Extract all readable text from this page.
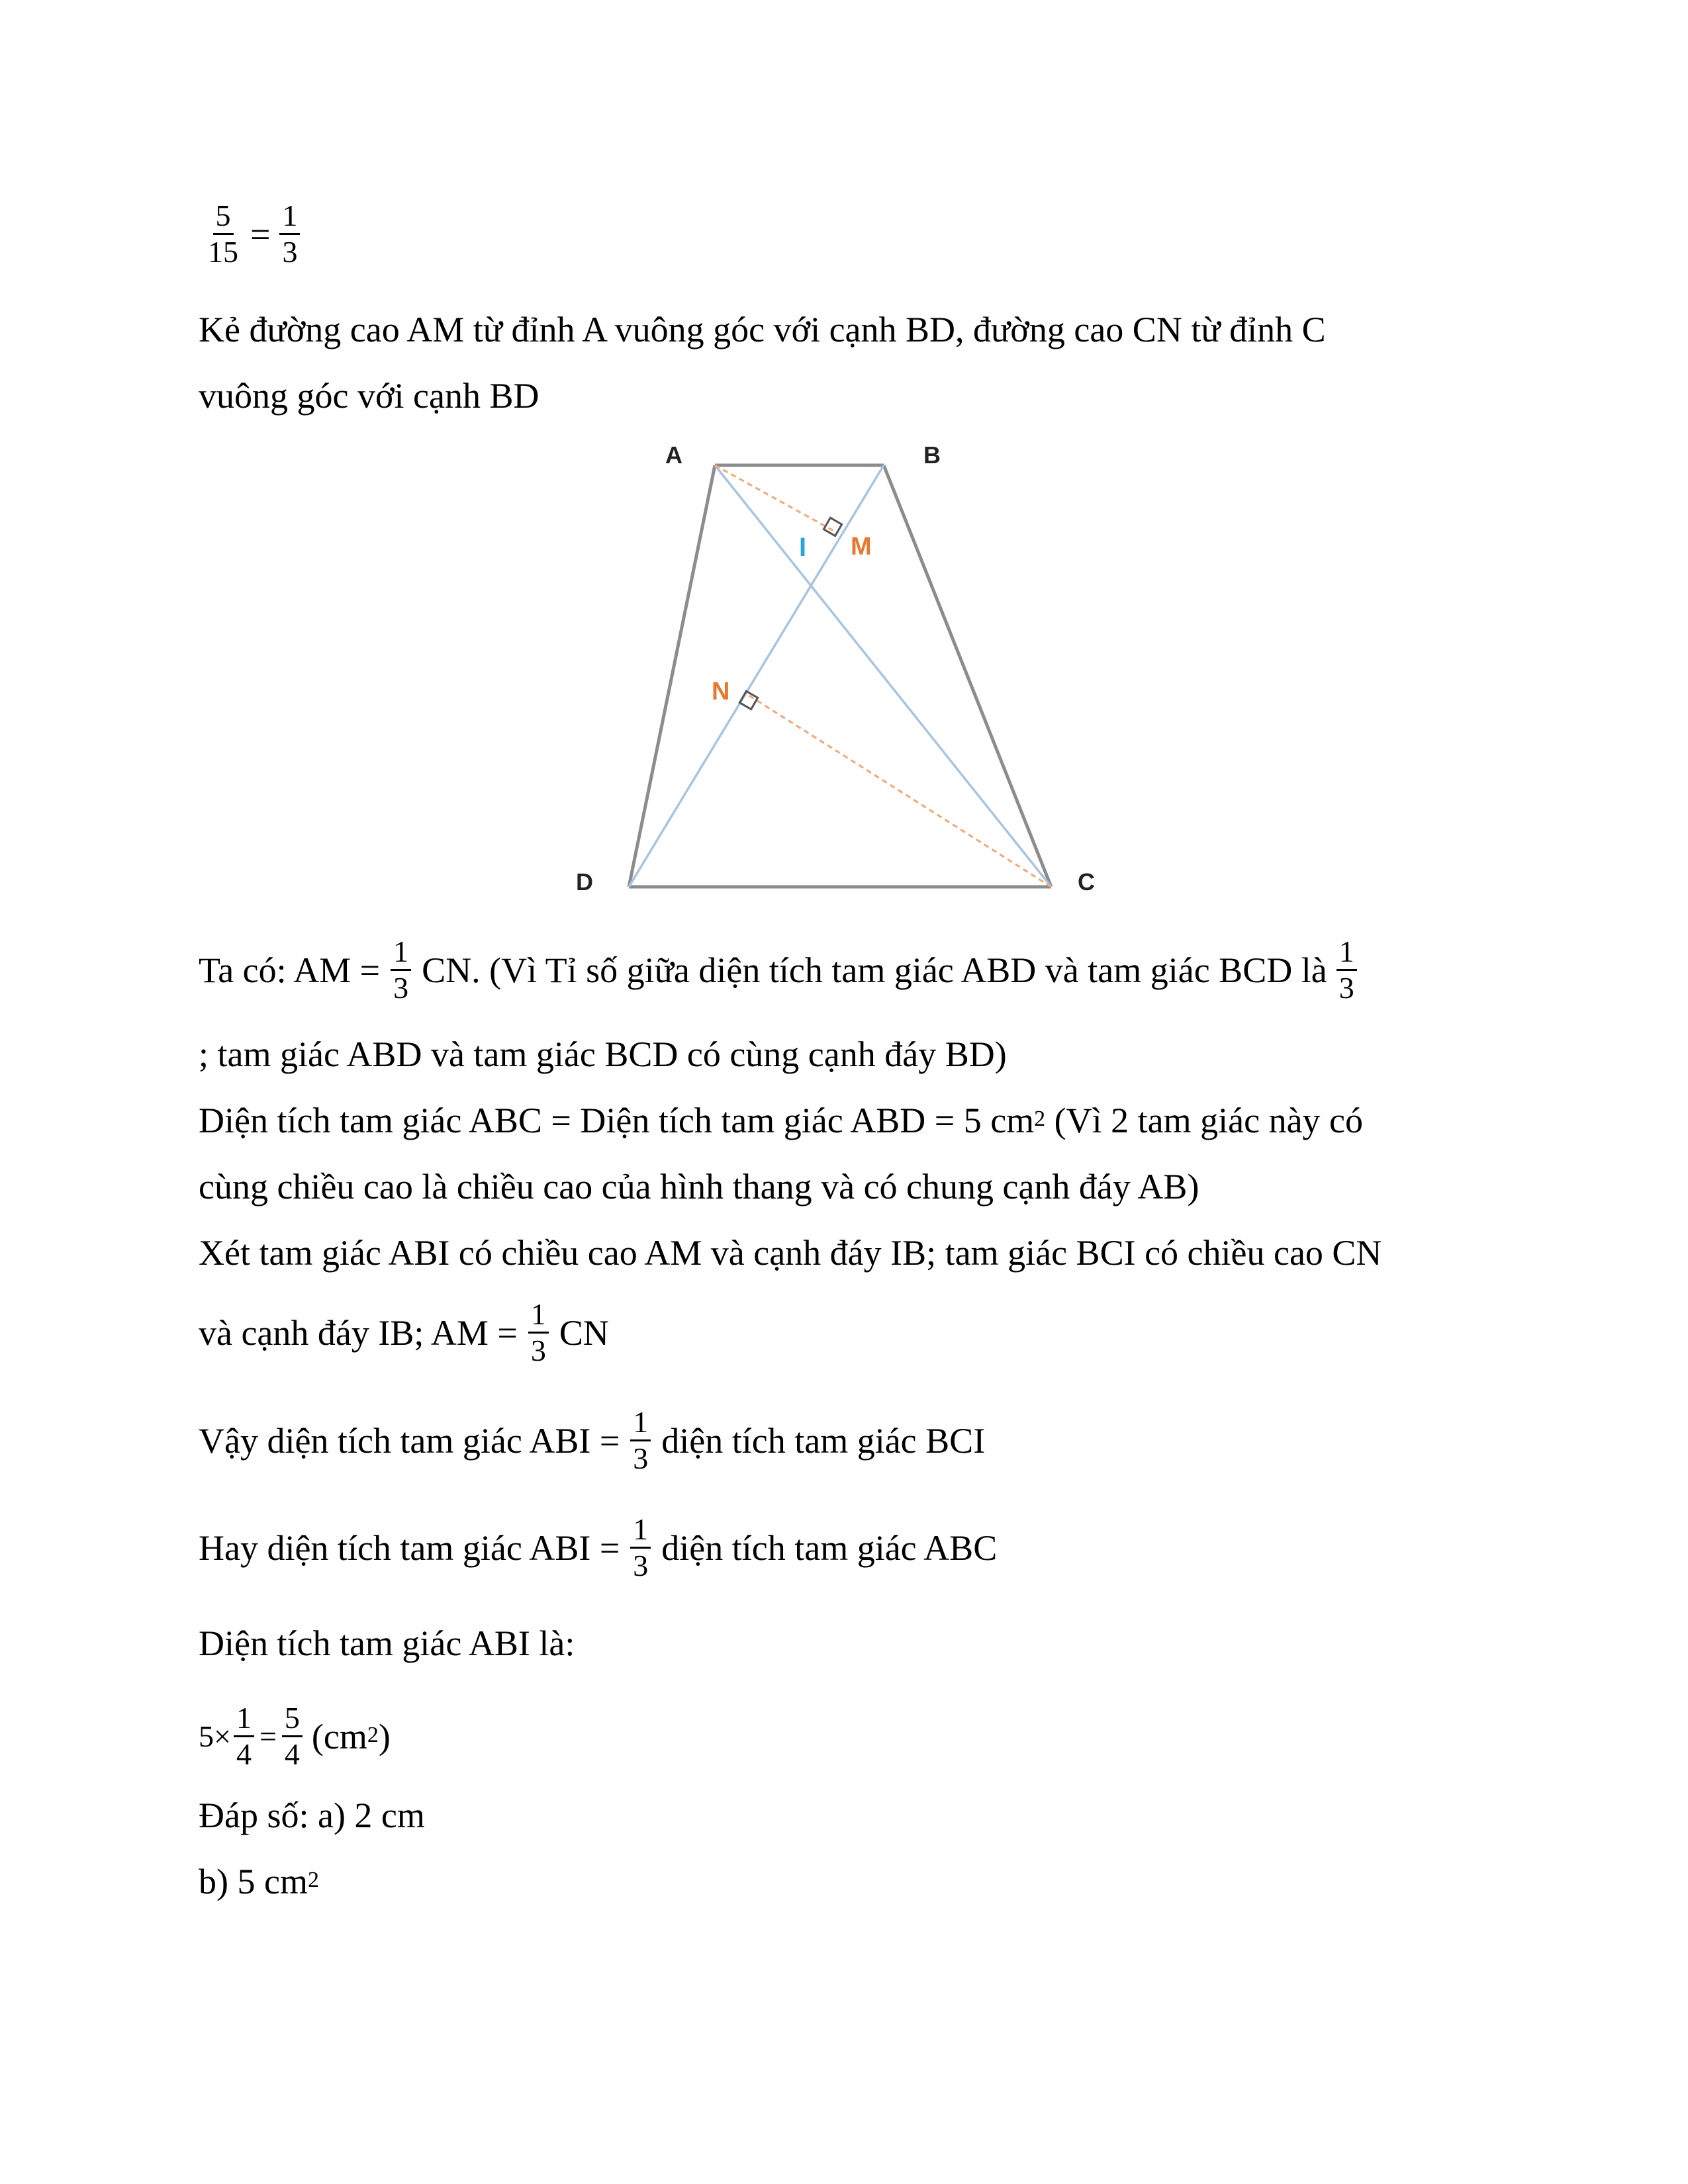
$\frac{5}{15} = \frac{1}{3}$
Kẻ đường cao AM từ đỉnh A vuông góc với cạnh BD, đường cao CN từ đỉnh C
vuông góc với cạnh BD
A	B
C
D
I M
N
Ta có: AM = $\frac{1}{3}$ CN. (Vì Tỉ số giữa diện tích tam giác ABD và tam giác BCD là $\frac{1}{3}$
; tam giác ABD và tam giác BCD có cùng cạnh đáy BD)
Diện tích tam giác ABC = Diện tích tam giác ABD = 5 $cm^2$ (Vì 2 tam giác này có
cùng chiều cao là chiều cao của hình thang và có chung cạnh đáy AB)
Xét tam giác ABI có chiều cao AM và cạnh đáy IB; tam giác BCI có chiều cao CN
và cạnh đáy IB; AM = $\frac{1}{3}$ CN
Vậy diện tích tam giác ABI = $\frac{1}{3}$ diện tích tam giác BCI
Hay diện tích tam giác ABI = $\frac{1}{3}$ diện tích tam giác ABC
Diện tích tam giác ABI là:
$5\times \frac{1}{4} = \frac{5}{4} (cm^2$ )
Đáp số: a) 2 cm
b) 5 $cm^2$
